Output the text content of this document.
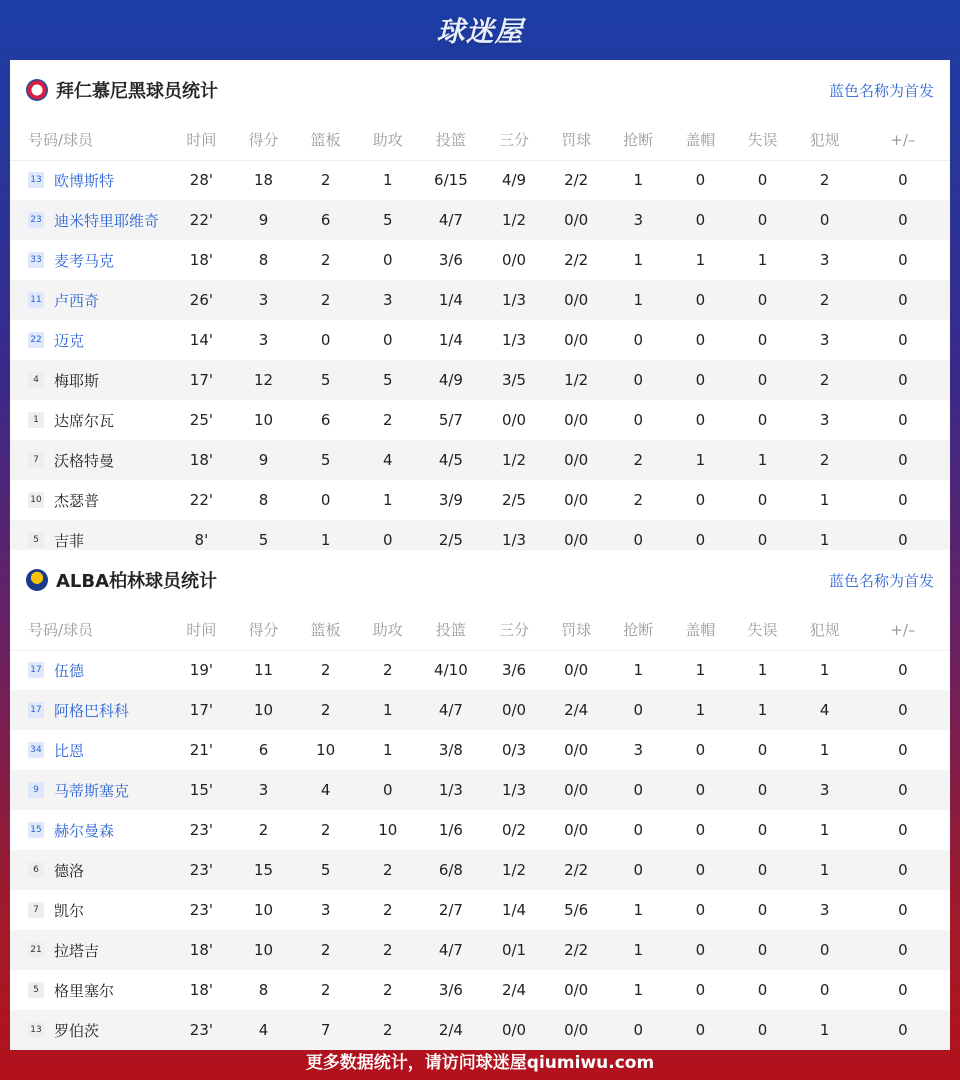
球迷屋
拜仁慕尼黑球员统计	蓝色名称为首发
号码/球员	时间	得分	篮板	助攻	投篮	三分	罚球	抢断	盖帽	失误	犯规	+/–
13 欧博斯特	28'	18	2	1	6/15	4/9	2/2	1	0	0	2	0
23 迪米特里耶维奇	22'	9	6	5	4/7	1/2	0/0	3	0	0	0	0
33 麦考马克	18'	8	2	0	3/6	0/0	2/2	1	1	1	3	0
11 卢西奇	26'	3	2	3	1/4	1/3	0/0	1	0	0	2	0
22 迈克	14'	3	0	0	1/4	1/3	0/0	0	0	0	3	0
4 梅耶斯	17'	12	5	5	4/9	3/5	1/2	0	0	0	2	0
1 达席尔瓦	25'	10	6	2	5/7	0/0	0/0	0	0	0	3	0
7 沃格特曼	18'	9	5	4	4/5	1/2	0/0	2	1	1	2	0
10 杰瑟普	22'	8	0	1	3/9	2/5	0/0	2	0	0	1	0
5 吉菲	8'	5	1	0	2/5	1/3	0/0	0	0	0	1	0
ALBA柏林球员统计	蓝色名称为首发
号码/球员	时间	得分	篮板	助攻	投篮	三分	罚球	抢断	盖帽	失误	犯规	+/–
17 伍德	19'	11	2	2	4/10	3/6	0/0	1	1	1	1	0
17 阿格巴科科	17'	10	2	1	4/7	0/0	2/4	0	1	1	4	0
34 比恩	21'	6	10	1	3/8	0/3	0/0	3	0	0	1	0
9 马蒂斯塞克	15'	3	4	0	1/3	1/3	0/0	0	0	0	3	0
15 赫尔曼森	23'	2	2	10	1/6	0/2	0/0	0	0	0	1	0
6 德洛	23'	15	5	2	6/8	1/2	2/2	0	0	0	1	0
7 凯尔	23'	10	3	2	2/7	1/4	5/6	1	0	0	3	0
21 拉塔吉	18'	10	2	2	4/7	0/1	2/2	1	0	0	0	0
5 格里塞尔	18'	8	2	2	3/6	2/4	0/0	1	0	0	0	0
13 罗伯茨	23'	4	7	2	2/4	0/0	0/0	0	0	0	1	0
更多数据统计，请访问球迷屋qiumiwu.com
